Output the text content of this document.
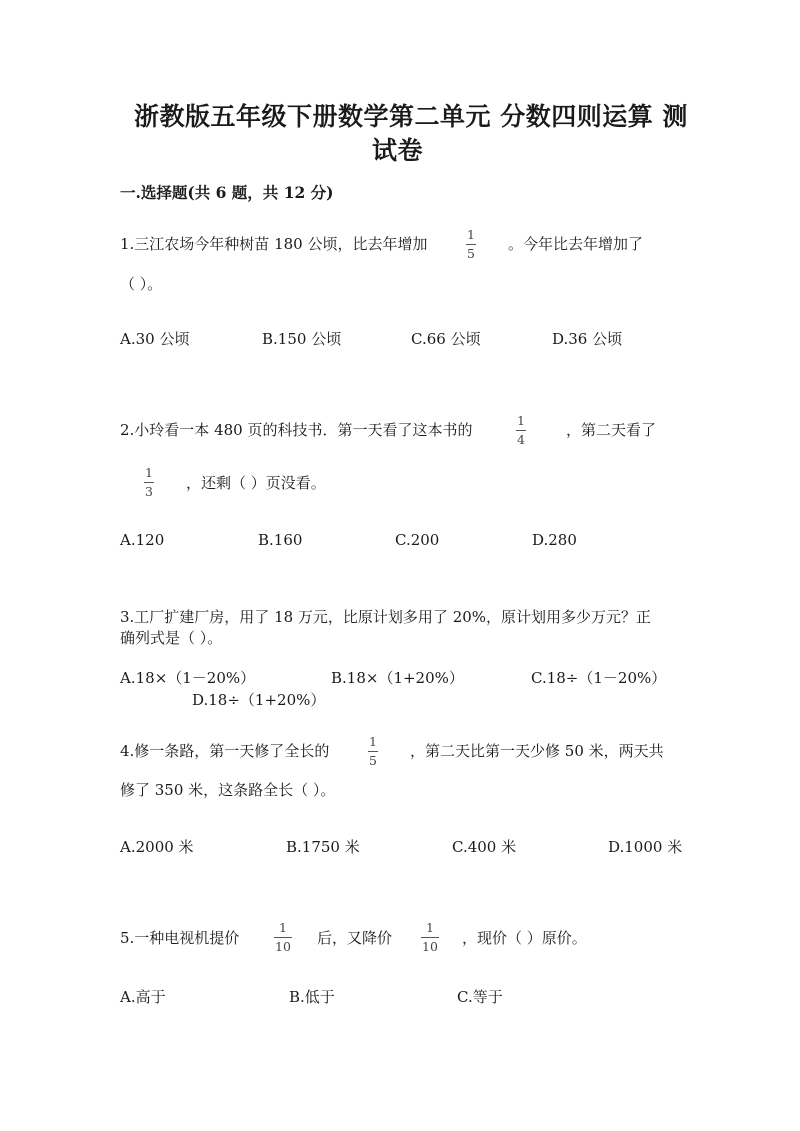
浙教版五年级下册数学第二单元 分数四则运算 测
试卷
一.选择题(共 6 题，共 12 分)
1.三江农场今年种树苗 180 公顷，比去年增加
1
5
。今年比去年增加了
（ ）。
A.30 公顷	B.150 公顷	C.66 公顷	D.36 公顷
2.小玲看一本 480 页的科技书．第一天看了这本书的
1
4
，第二天看了
1
3 ，还剩（ ）页没看。
A.120	B.160	C.200	D.280
3.工厂扩建厂房，用了 18 万元，比原计划多用了 20%，原计划用多少万元？正
确列式是（ ）。
A.18×（1－20%）	B.18×（1+20%）	C.18÷（1－20%）
D.18÷（1+20%）
4.修一条路，第一天修了全长的
1
5
，第二天比第一天少修 50 米，两天共
修了 350 米，这条路全长（ ）。
A.2000 米	B.1750 米	C.400 米	D.1000 米
5.一种电视机提价
1
10 后，又降价
1
10 ，现价（ ）原价。
A.高于	B.低于	C.等于
